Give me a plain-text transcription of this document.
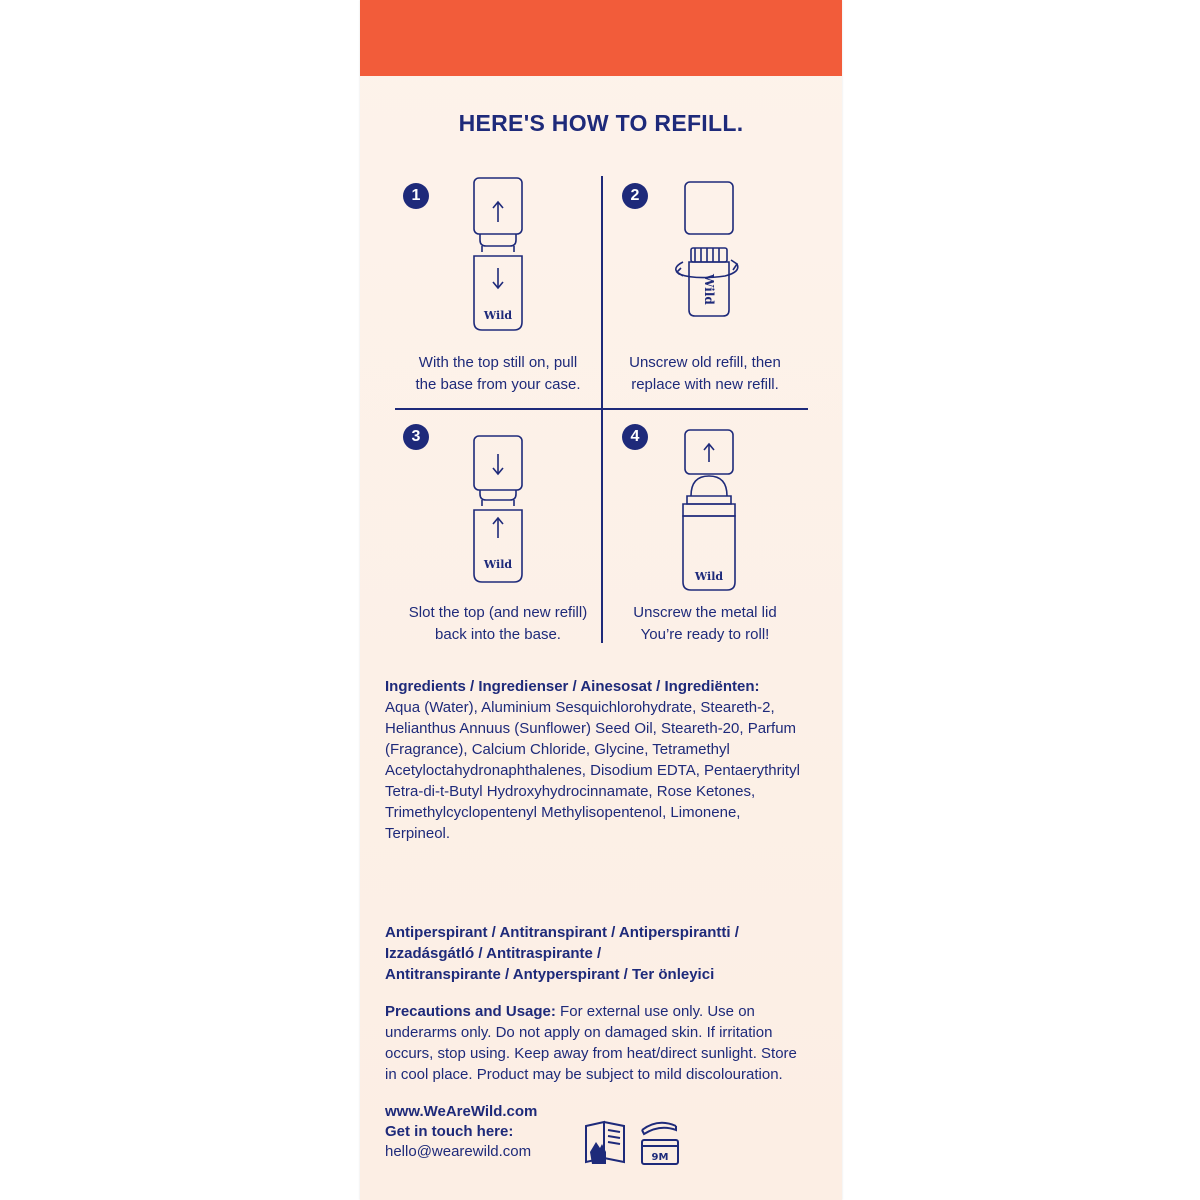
HERE'S HOW TO REFILL.
1
Wild
With the top still on, pull
the base from your case.
2
Wild
Unscrew old refill, then
replace with new refill.
3
Wild
Slot the top (and new refill)
back into the base.
4
Wild
Unscrew the metal lid
You’re ready to roll!
Ingredients / Ingredienser / Ainesosat / Ingrediënten:
Aqua (Water), Aluminium Sesquichlorohydrate, Steareth-2,
Helianthus Annuus (Sunflower) Seed Oil, Steareth-20, Parfum
(Fragrance), Calcium Chloride, Glycine, Tetramethyl
Acetyloctahydronaphthalenes, Disodium EDTA, Pentaerythrityl
Tetra-di-t-Butyl Hydroxyhydrocinnamate, Rose Ketones,
Trimethylcyclopentenyl Methylisopentenol, Limonene,
Terpineol.
Antiperspirant / Antitranspirant / Antiperspirantti /
Izzadásgátló / Antitraspirante /
Antitranspirante / Antyperspirant / Ter önleyici
Precautions and Usage: For external use only. Use on
underarms only. Do not apply on damaged skin. If irritation
occurs, stop using. Keep away from heat/direct sunlight. Store
in cool place. Product may be subject to mild discolouration.
www.WeAreWild.com
Get in touch here:
hello@wearewild.com	9M
